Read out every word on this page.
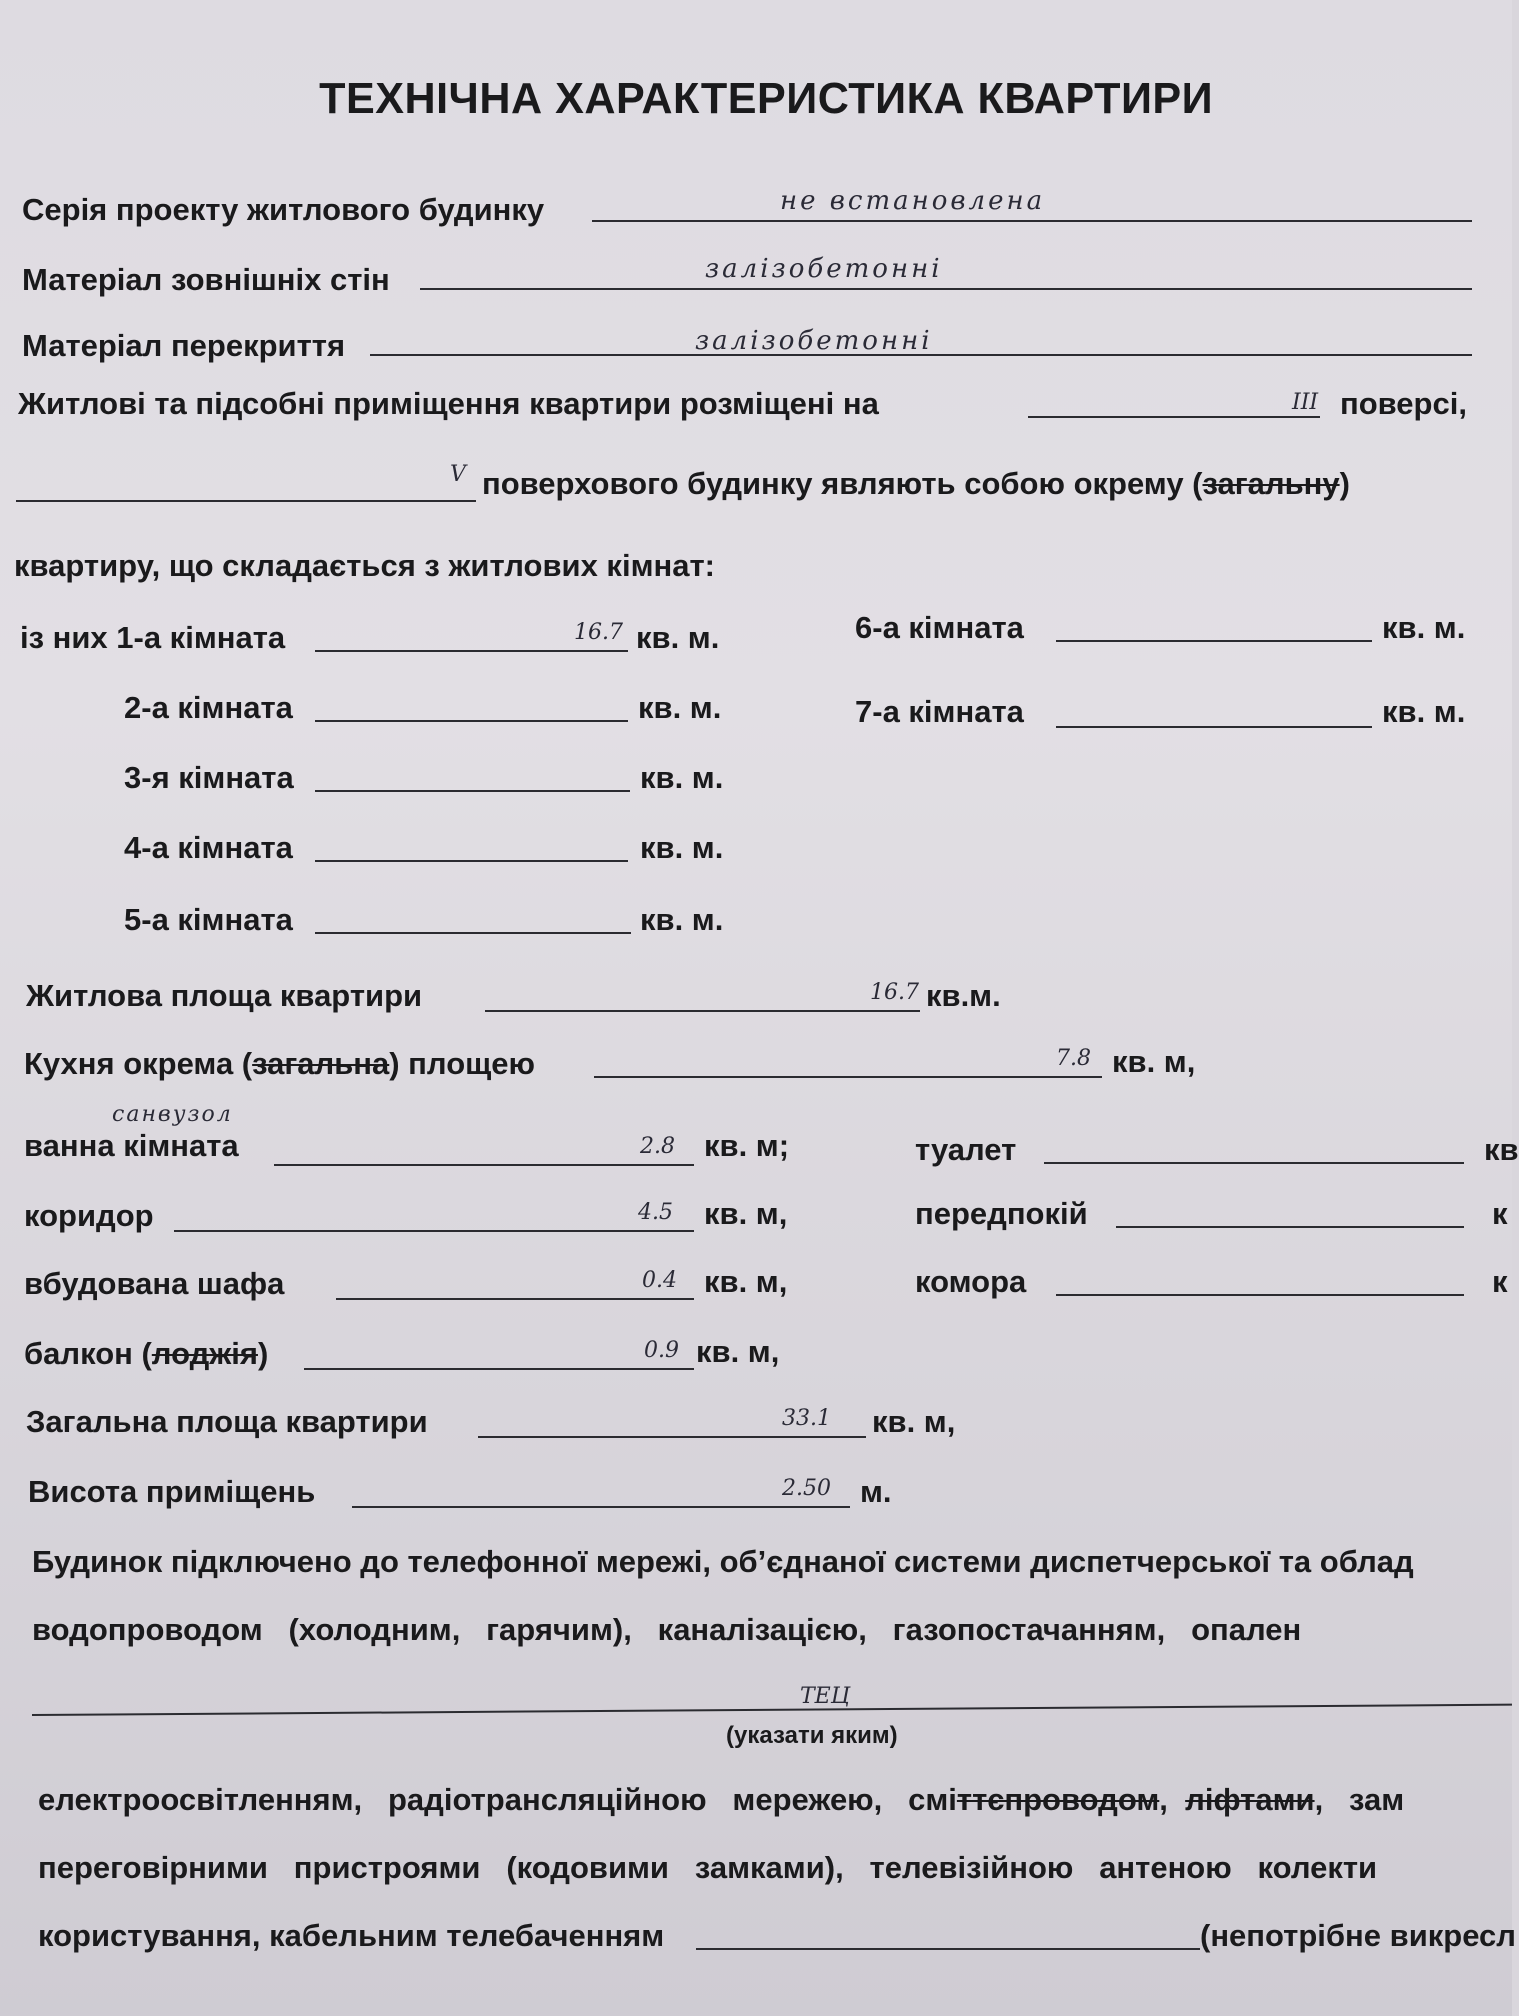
ТЕХНІЧНА ХАРАКТЕРИСТИКА КВАРТИРИ
Серія проекту житлового будинку	не встановлена
Матеріал зовнішніх стін	залізобетонні
Матеріал перекриття	залізобетонні
Житлові та підсобні приміщення квартири розміщені на	ІІІ поверсі,
V поверхового будинку являють собою окрему (загальну)
квартиру, що складається з житлових кімнат:
із них 1-а кімната	16.7 кв. м.
2-а кімната	кв. м.
3-я кімната	кв. м.
4-а кімната	кв. м.
5-а кімната	кв. м.
6-а кімната	кв. м.
7-а кімната	кв. м.
Житлова площа квартири	16.7 кв.м.
Кухня окрема (загальна) площею	7.8 кв. м,
санвузол
ванна кімната	2.8 кв. м;	туалет	кв
коридор	4.5 кв. м,	передпокій	к
вбудована шафа	0.4 кв. м,	комора	к
балкон (лоджія)	0.9 кв. м,
Загальна площа квартири	33.1 кв. м,
Висота приміщень	2.50 м.
Будинок підключено до телефонної мережі, об’єднаної системи диспетчерської та облад
водопроводом   (холодним,   гарячим),   каналізацією,   газопостачанням,   опален
ТЕЦ
(указати яким)
електроосвітленням,   радіотрансляційною   мережею,   сміттєпроводом,  ліфтами,   зам
переговірними   пристроями   (кодовими   замками),   телевізійною   антеною   колекти
користування, кабельним телебаченням	(непотрібне викресл
